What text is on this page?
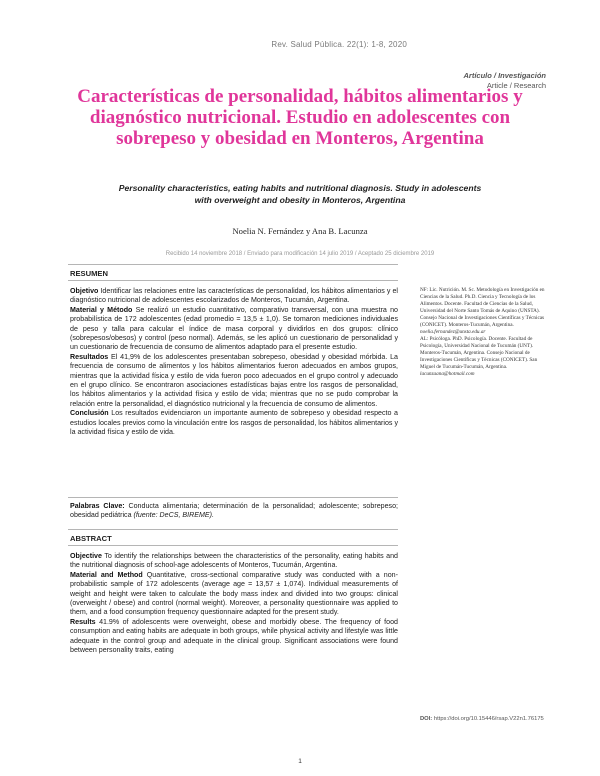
Rev. Salud Pública. 22(1): 1-8, 2020
Artículo / Investigación
Article / Research
Características de personalidad, hábitos alimentarios y diagnóstico nutricional. Estudio en adolescentes con sobrepeso y obesidad en Monteros, Argentina
Personality characteristics, eating habits and nutritional diagnosis. Study in adolescents with overweight and obesity in Monteros, Argentina
Noelia N. Fernández y Ana B. Lacunza
Recibido 14 noviembre 2018 / Enviado para modificación 14 julio 2019 / Aceptado 25 diciembre 2019
RESUMEN

Objetivo Identificar las relaciones entre las características de personalidad, los hábitos alimentarios y el diagnóstico nutricional de adolescentes escolarizados de Monteros, Tucumán, Argentina.

Material y Método Se realizó un estudio cuantitativo, comparativo transversal, con una muestra no probabilística de 172 adolescentes (edad promedio = 13,5 ± 1,0). Se tomaron mediciones individuales de peso y talla para calcular el índice de masa corporal y dividirlos en dos grupos: clínico (sobrepesos/obesos) y control (peso normal). Además, se les aplicó un cuestionario de personalidad y un cuestionario de frecuencia de consumo de alimentos adaptado para el presente estudio.

Resultados El 41,9% de los adolescentes presentaban sobrepeso, obesidad y obesidad mórbida. La frecuencia de consumo de alimentos y los hábitos alimentarios fueron adecuados en ambos grupos, mientras que la actividad física y estilo de vida fueron poco adecuados en el grupo control y adecuado en el grupo clínico. Se encontraron asociaciones estadísticas bajas entre los rasgos de personalidad, los hábitos alimentarios y la actividad física y estilo de vida; mientras que no se pudo comprobar la relación entre la personalidad, el diagnóstico nutricional y la frecuencia de consumo de alimentos.

Conclusión Los resultados evidenciaron un importante aumento de sobrepeso y obesidad respecto a estudios locales previos como la vinculación entre los rasgos de personalidad, los hábitos alimentarios y la actividad física y estilo de vida.

Palabras Clave: Conducta alimentaria; determinación de la personalidad; adolescente; sobrepeso; obesidad pediátrica (fuente: DeCS, BIREME).

ABSTRACT

Objective To identify the relationships between the characteristics of the personality, eating habits and the nutritional diagnosis of school-age adolescents of Monteros, Tucumán, Argentina.

Material and Method Quantitative, cross-sectional comparative study was conducted with a non-probabilistic sample of 172 adolescents (average age = 13,57 ± 1,074). Individual measurements of weight and height were taken to calculate the body mass index and divided into two groups: clinical (overweight / obese) and control (normal weight). Moreover, a personality questionnaire was applied to them, and a food consumption frequency questionnaire adapted for the present study.

Results 41.9% of adolescents were overweight, obese and morbidly obese. The frequency of food consumption and eating habits are adequate in both groups, while physical activity and lifestyle was little adequate in the control group and adequate in the clinical group. Significant associations were found between personality traits, eating

NF: Lic. Nutrición. M. Sc. Metodología en Investigación en Ciencias de la Salud. Ph.D. Ciencia y Tecnología de los Alimentos. Docente. Facultad de Ciencias de la Salud, Universidad del Norte Santo Tomás de Aquino (UNSTA). Consejo Nacional de Investigaciones Científicas y Técnicas (CONICET). Monteros-Tucumán, Argentina.

noelia.fernandez@unsta.edu.ar

AL: Psicóloga. PhD. Psicología. Docente. Facultad de Psicología, Universidad Nacional de Tucumán (UNT). Monteros-Tucumán, Argentina. Consejo Nacional de Investigaciones Científicas y Técnicas (CONICET). San Miguel de Tucumán-Tucumán, Argentina.

lacunzaana@hotmail.com

DOI: https://doi.org/10.15446/rsap.V22n1.76175
1
